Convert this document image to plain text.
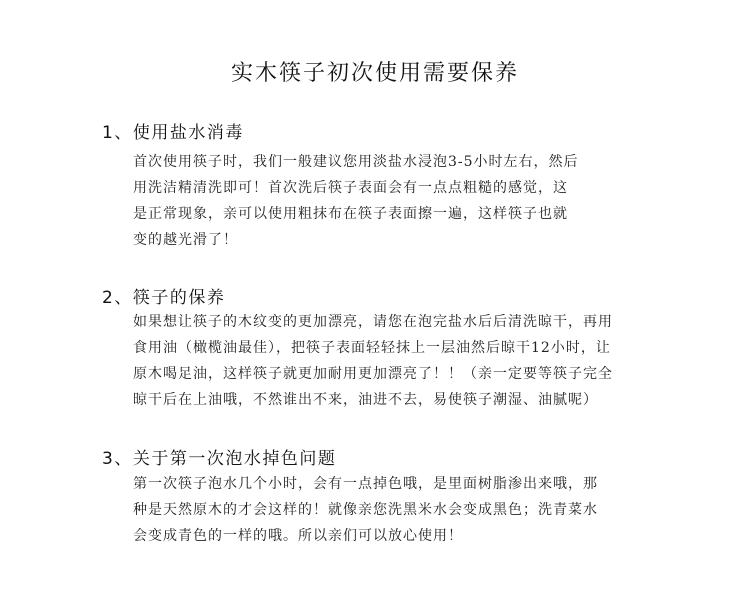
实木筷子初次使用需要保养
1、使用盐水消毒
首次使用筷子时，我们一般建议您用淡盐水浸泡3-5小时左右，然后
用洗洁精清洗即可！首次洗后筷子表面会有一点点粗糙的感觉，这
是正常现象，亲可以使用粗抹布在筷子表面擦一遍，这样筷子也就
变的越光滑了！
2、筷子的保养
如果想让筷子的木纹变的更加漂亮，请您在泡完盐水后后清洗晾干，再用
食用油（橄榄油最佳），把筷子表面轻轻抹上一层油然后晾干12小时，让
原木喝足油，这样筷子就更加耐用更加漂亮了！！（亲一定要等筷子完全
晾干后在上油哦，不然谁出不来，油进不去，易使筷子潮湿、油腻呢）
3、关于第一次泡水掉色问题
第一次筷子泡水几个小时，会有一点掉色哦，是里面树脂渗出来哦，那
种是天然原木的才会这样的！就像亲您洗黑米水会变成黑色；洗青菜水
会变成青色的一样的哦。所以亲们可以放心使用！
